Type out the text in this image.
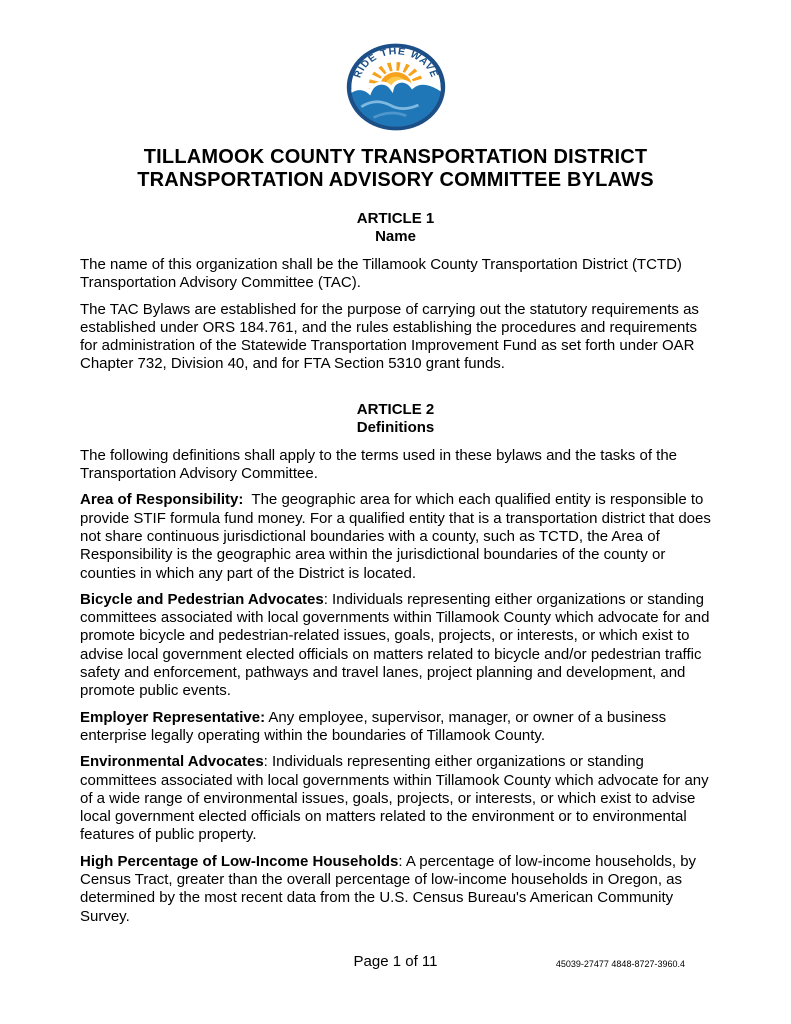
RIDE THE WAVE
TILLAMOOK COUNTY TRANSPORTATION DISTRICT
TRANSPORTATION ADVISORY COMMITTEE BYLAWS
ARTICLE 1
Name

The name of this organization shall be the Tillamook County Transportation District (TCTD) Transportation Advisory Committee (TAC).

The TAC Bylaws are established for the purpose of carrying out the statutory requirements as established under ORS 184.761, and the rules establishing the procedures and requirements for administration of the Statewide Transportation Improvement Fund as set forth under OAR Chapter 732, Division 40, and for FTA Section 5310 grant funds.

ARTICLE 2
Definitions

The following definitions shall apply to the terms used in these bylaws and the tasks of the Transportation Advisory Committee.

Area of Responsibility:  The geographic area for which each qualified entity is responsible to provide STIF formula fund money. For a qualified entity that is a transportation district that does not share continuous jurisdictional boundaries with a county, such as TCTD, the Area of Responsibility is the geographic area within the jurisdictional boundaries of the county or counties in which any part of the District is located.

Bicycle and Pedestrian Advocates: Individuals representing either organizations or standing committees associated with local governments within Tillamook County which advocate for and promote bicycle and pedestrian-related issues, goals, projects, or interests, or which exist to advise local government elected officials on matters related to bicycle and/or pedestrian traffic safety and enforcement, pathways and travel lanes, project planning and development, and promote public events.

Employer Representative: Any employee, supervisor, manager, or owner of a business enterprise legally operating within the boundaries of Tillamook County.

Environmental Advocates: Individuals representing either organizations or standing committees associated with local governments within Tillamook County which advocate for any of a wide range of environmental issues, goals, projects, or interests, or which exist to advise local government elected officials on matters related to the environment or to environmental features of public property.

High Percentage of Low-Income Households: A percentage of low-income households, by Census Tract, greater than the overall percentage of low-income households in Oregon, as determined by the most recent data from the U.S. Census Bureau's American Community Survey.

Page 1 of 11	45039-27477 4848-8727-3960.4
